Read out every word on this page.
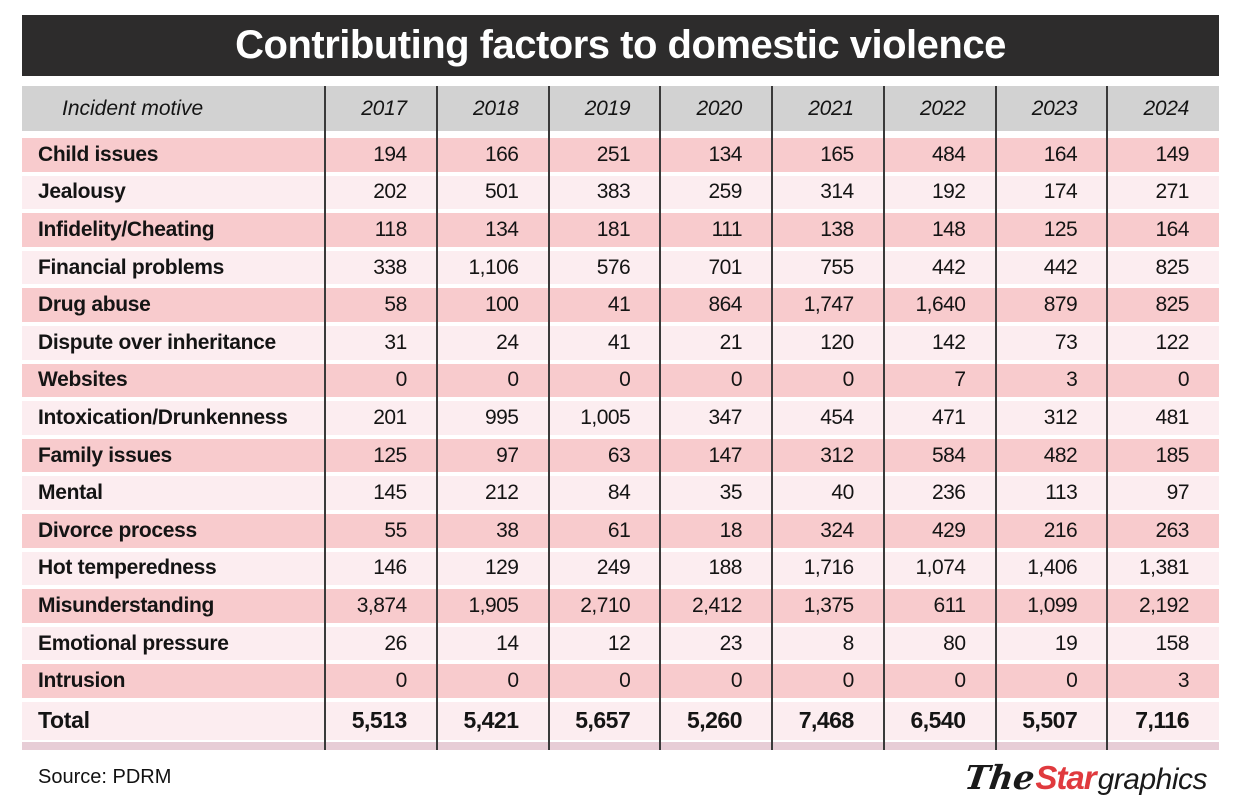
Contributing factors to domestic violence
Incident motive	2017	2018	2019	2020	2021	2022	2023	2024
Child issues	194	166	251	134	165	484	164	149
Jealousy	202	501	383	259	314	192	174	271
Infidelity/Cheating	118	134	181	111	138	148	125	164
Financial problems	338	1,106	576	701	755	442	442	825
Drug abuse	58	100	41	864	1,747	1,640	879	825
Dispute over inheritance	31	24	41	21	120	142	73	122
Websites	0	0	0	0	0	7	3	0
Intoxication/Drunkenness	201	995	1,005	347	454	471	312	481
Family issues	125	97	63	147	312	584	482	185
Mental	145	212	84	35	40	236	113	97
Divorce process	55	38	61	18	324	429	216	263
Hot temperedness	146	129	249	188	1,716	1,074	1,406	1,381
Misunderstanding	3,874	1,905	2,710	2,412	1,375	611	1,099	2,192
Emotional pressure	26	14	12	23	8	80	19	158
Intrusion	0	0	0	0	0	0	0	3
Total	5,513	5,421	5,657	5,260	7,468	6,540	5,507	7,116
Source: PDRM	The
Star graphics
